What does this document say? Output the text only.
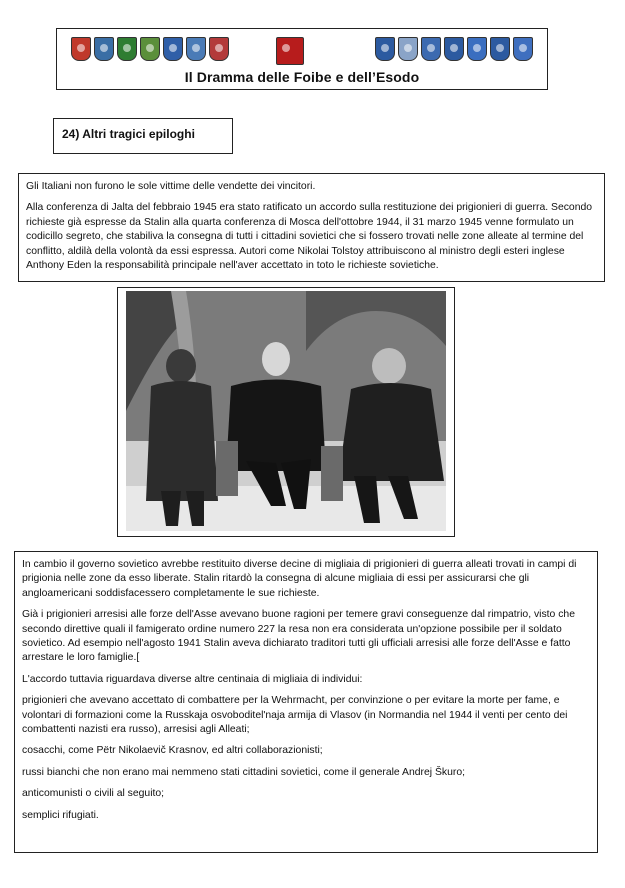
Il Dramma delle Foibe e dell’Esodo
24) Altri tragici epiloghi

Gli Italiani non furono le sole vittime delle vendette dei vincitori.

Alla conferenza di Jalta del febbraio 1945 era stato ratificato un accordo sulla restituzione dei prigionieri di guerra. Secondo richieste già espresse da Stalin alla quarta conferenza di Mosca dell'ottobre 1944, il 31 marzo 1945 venne formulato un codicillo segreto, che stabiliva la consegna di tutti i cittadini sovietici che si fossero trovati nelle zone alleate al termine del conflitto, aldilà della volontà da essi espressa. Autori come Nikolai Tolstoy attribuiscono al ministro degli esteri inglese Anthony Eden la responsabilità principale nell'aver accettato in toto le richieste sovietiche.

In cambio il governo sovietico avrebbe restituito diverse decine di migliaia di prigionieri di guerra alleati trovati in campi di prigionia nelle zone da esso liberate. Stalin ritardò la consegna di alcune migliaia di essi per assicurarsi che gli angloamericani soddisfacessero completamente le sue richieste.

Già i prigionieri arresisi alle forze dell'Asse avevano buone ragioni per temere gravi conseguenze dal rimpatrio, visto che secondo direttive quali il famigerato ordine numero 227 la resa non era considerata un'opzione possibile per il soldato sovietico. Ad esempio nell'agosto 1941 Stalin aveva dichiarato traditori tutti gli ufficiali arresisi alle forze dell'Asse e fatto arrestare le loro famiglie.[

L'accordo tuttavia riguardava diverse altre centinaia di migliaia di individui:

prigionieri che avevano accettato di combattere per la Wehrmacht, per convinzione o per evitare la morte per fame, e volontari di formazioni come la Russkaja osvoboditel'naja armija di Vlasov (in Normandia nel 1944 il venti per cento dei combattenti nazisti era russo), arresisi agli Alleati;

cosacchi, come Pëtr Nikolaevič Krasnov, ed altri collaborazionisti;

russi bianchi che non erano mai nemmeno stati cittadini sovietici, come il generale Andrej Škuro;

anticomunisti o civili al seguito;

semplici rifugiati.
